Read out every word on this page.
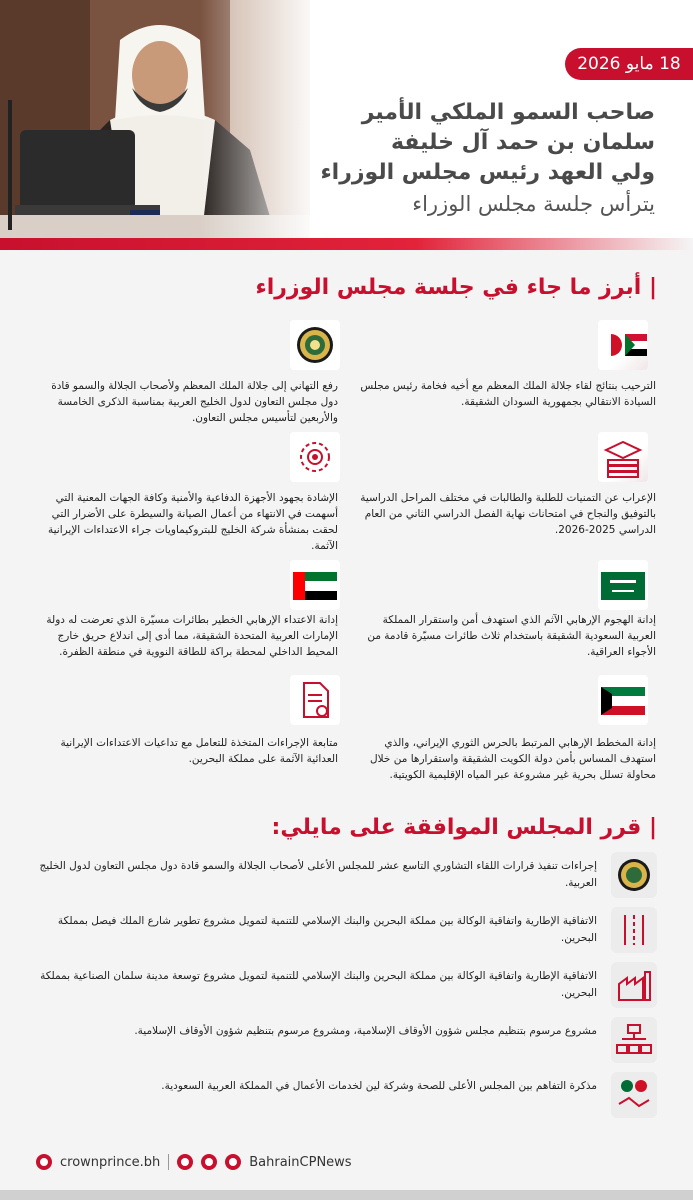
18 مايو 2026
صاحب السمو الملكي الأمير
سلمان بن حمد آل خليفة
ولي العهد رئيس مجلس الوزراء
يترأس جلسة مجلس الوزراء
| أبرز ما جاء في جلسة مجلس الوزراء
الترحيب بنتائج لقاء جلالة الملك المعظم مع أخيه فخامة رئيس مجلس السيادة الانتقالي بجمهورية السودان الشقيقة.
رفع التهاني إلى جلالة الملك المعظم ولأصحاب الجلالة والسمو قادة دول مجلس التعاون لدول الخليج العربية بمناسبة الذكرى الخامسة والأربعين لتأسيس مجلس التعاون.
الإعراب عن التمنيات للطلبة والطالبات في مختلف المراحل الدراسية بالتوفيق والنجاح في امتحانات نهاية الفصل الدراسي الثاني من العام الدراسي 2025-2026.
الإشادة بجهود الأجهزة الدفاعية والأمنية وكافة الجهات المعنية التي أسهمت في الانتهاء من أعمال الصيانة والسيطرة على الأضرار التي لحقت بمنشأة شركة الخليج للبتروكيماويات جراء الاعتداءات الإيرانية الآثمة.
إدانة الهجوم الإرهابي الآثم الذي استهدف أمن واستقرار المملكة العربية السعودية الشقيقة باستخدام ثلاث طائرات مسيّرة قادمة من الأجواء العراقية.
إدانة الاعتداء الإرهابي الخطير بطائرات مسيّرة الذي تعرضت له دولة الإمارات العربية المتحدة الشقيقة، مما أدى إلى اندلاع حريق خارج المحيط الداخلي لمحطة براكة للطاقة النووية في منطقة الظفرة.
إدانة المخطط الإرهابي المرتبط بالحرس الثوري الإيراني، والذي استهدف المساس بأمن دولة الكويت الشقيقة واستقرارها من خلال محاولة تسلل بحرية غير مشروعة عبر المياه الإقليمية الكويتية.
متابعة الإجراءات المتخذة للتعامل مع تداعيات الاعتداءات الإيرانية العدائية الآثمة على مملكة البحرين.
| قرر المجلس الموافقة على مايلي:
إجراءات تنفيذ قرارات اللقاء التشاوري التاسع عشر للمجلس الأعلى لأصحاب الجلالة والسمو قادة دول مجلس التعاون لدول الخليج العربية.
الاتفاقية الإطارية واتفاقية الوكالة بين مملكة البحرين والبنك الإسلامي للتنمية لتمويل مشروع تطوير شارع الملك فيصل بمملكة البحرين.
الاتفاقية الإطارية واتفاقية الوكالة بين مملكة البحرين والبنك الإسلامي للتنمية لتمويل مشروع توسعة مدينة سلمان الصناعية بمملكة البحرين.
مشروع مرسوم بتنظيم مجلس شؤون الأوقاف الإسلامية، ومشروع مرسوم بتنظيم شؤون الأوقاف الإسلامية.
مذكرة التفاهم بين المجلس الأعلى للصحة وشركة لين لخدمات الأعمال في المملكة العربية السعودية.
crownprince.bh	BahrainCPNews
